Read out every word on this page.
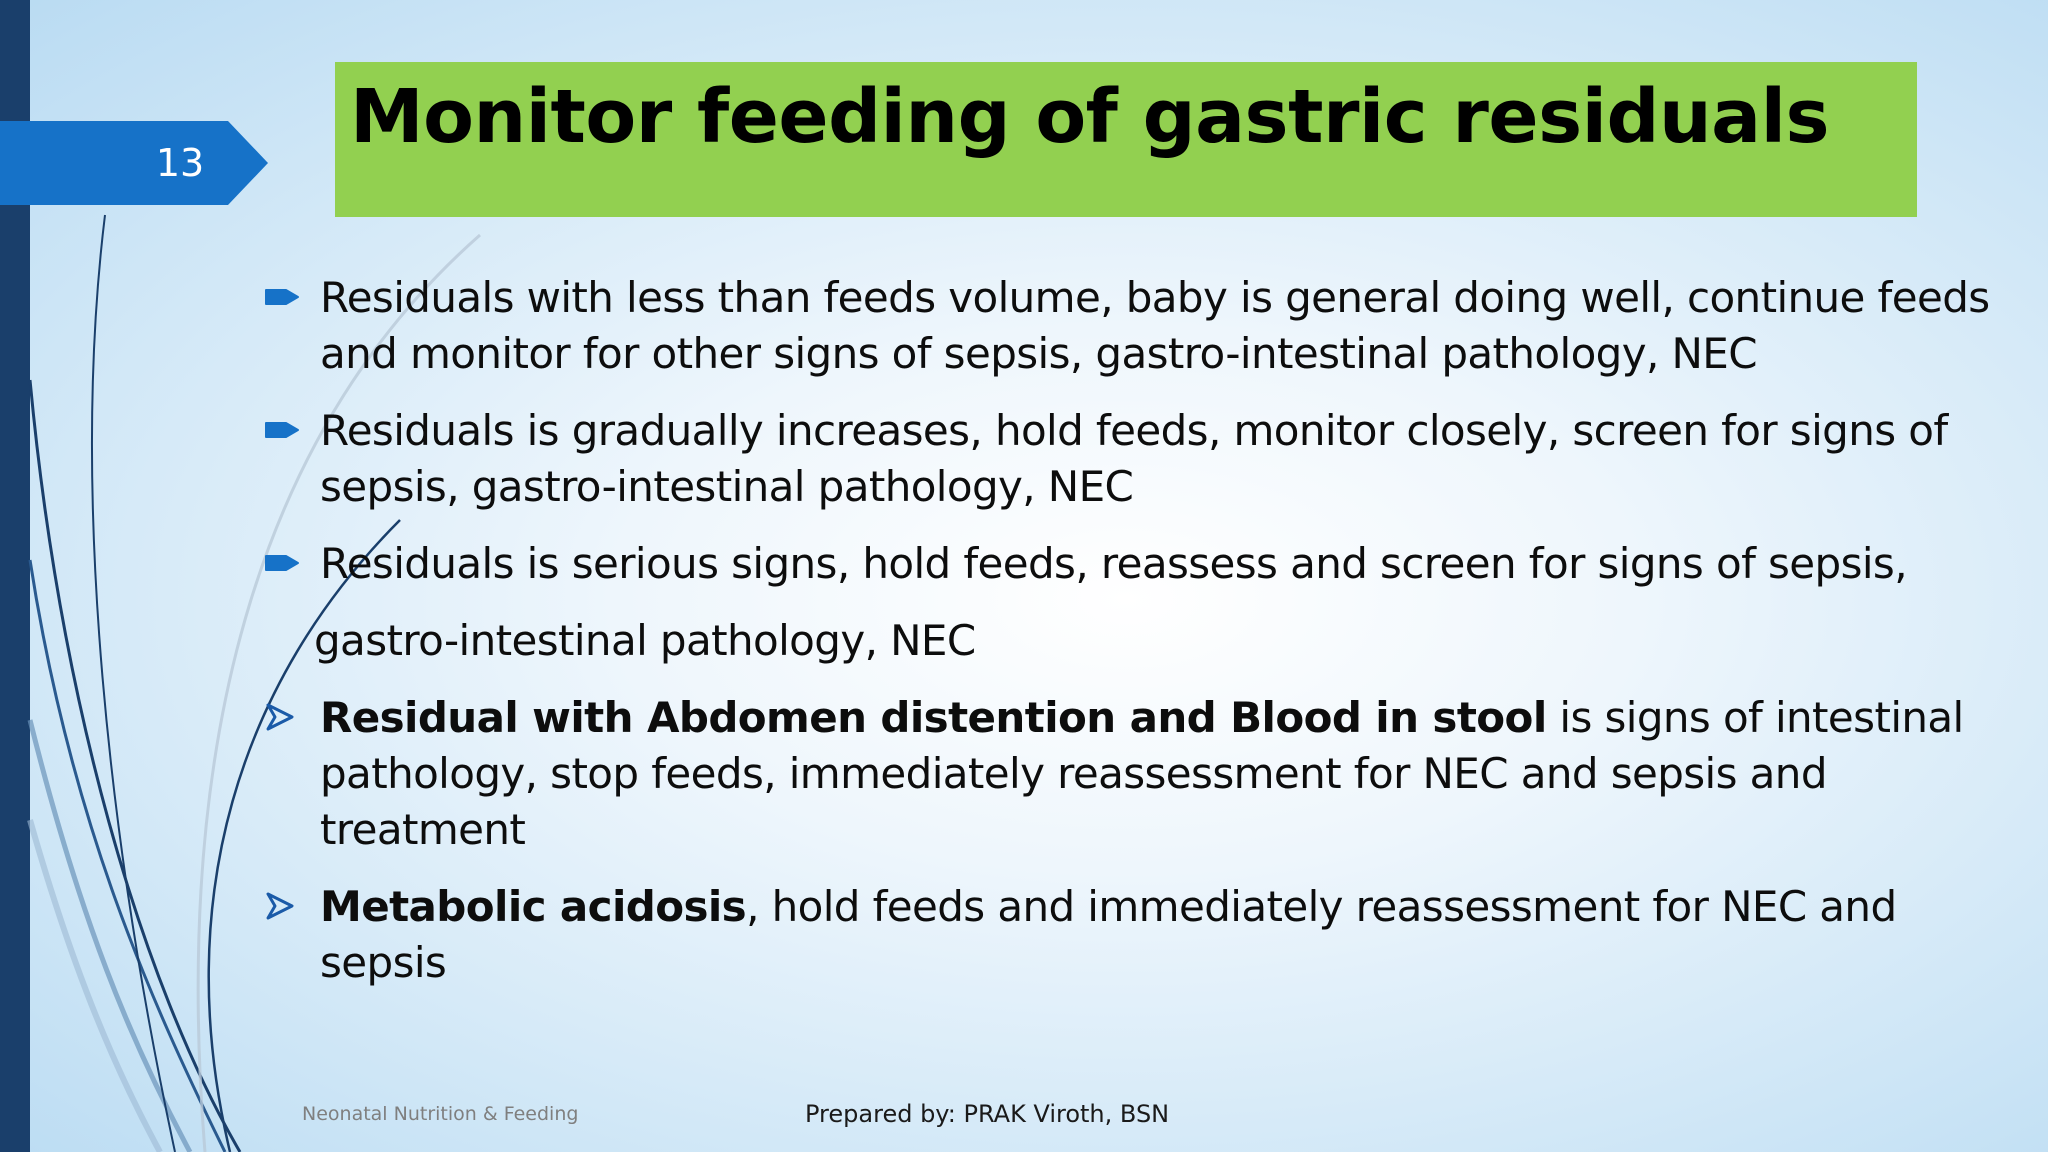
13
Monitor feeding of gastric residuals
Residuals with less than feeds volume, baby is general doing well, continue feeds and monitor for other signs of sepsis, gastro-intestinal pathology, NEC
Residuals is gradually increases, hold feeds, monitor closely, screen for signs of sepsis, gastro-intestinal pathology, NEC
Residuals is serious signs, hold feeds, reassess and screen for signs of sepsis,
gastro-intestinal pathology, NEC
Residual with Abdomen distention and Blood in stool is signs of intestinal pathology, stop feeds, immediately reassessment for NEC and sepsis and treatment
Metabolic acidosis, hold feeds and immediately reassessment for NEC and sepsis
Neonatal Nutrition & Feeding	Prepared by: PRAK Viroth, BSN
